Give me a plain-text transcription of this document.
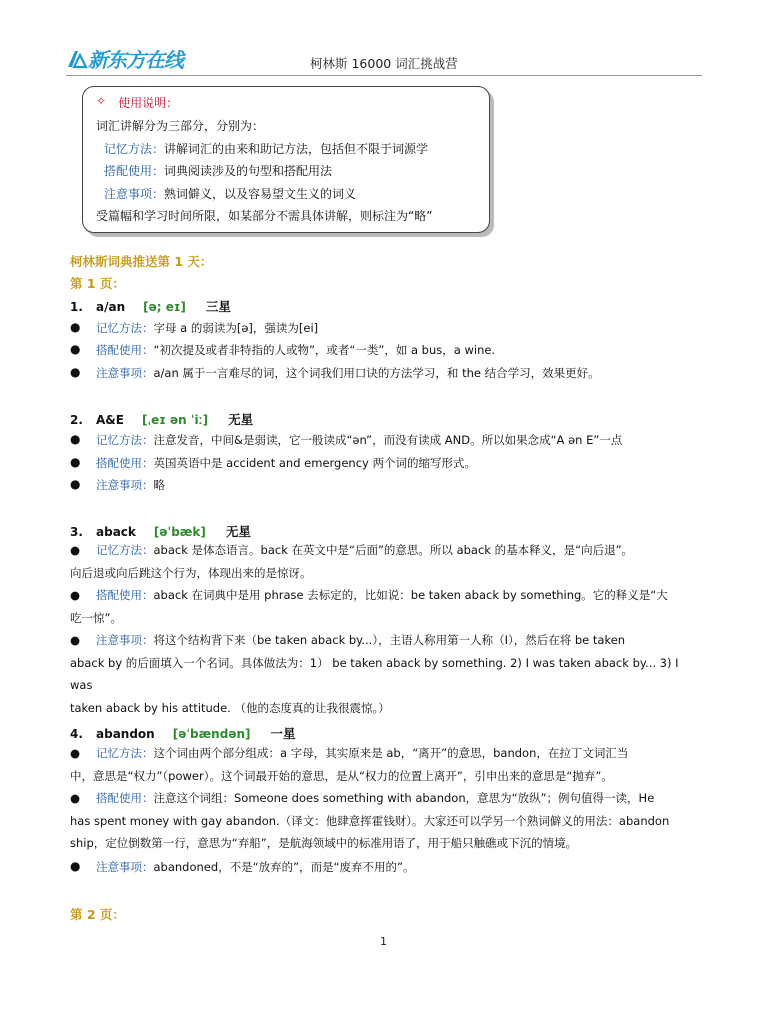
新东方在线	柯林斯 16000 词汇挑战营
✧ 使用说明：
词汇讲解分为三部分，分别为：
记忆方法：讲解词汇的由来和助记方法，包括但不限于词源学
搭配使用：词典阅读涉及的句型和搭配用法
注意事项：熟词僻义，以及容易望文生义的词义
受篇幅和学习时间所限，如某部分不需具体讲解，则标注为“略”
柯林斯词典推送第 1 天：
第 1 页：
1.	a/an [ə; eɪ] 三星
●	记忆方法： 字母 a 的弱读为[ə]，强读为[ei]
●	搭配使用： “初次提及或者非特指的人或物”，或者“一类”，如 a bus，a wine.
●	注意事项： a/an 属于一言难尽的词，这个词我们用口诀的方法学习，和 the 结合学习，效果更好。
2.	A&E [ˌeɪ ən ˈiː] 无星
●	记忆方法： 注意发音，中间&是弱读，它一般读成“ən”，而没有读成 AND。所以如果念成“A ən E”一点
●	搭配使用： 英国英语中是 accident and emergency 两个词的缩写形式。
●	注意事项： 略
3.	aback [əˈbæk] 无星
● 记忆方法：aback 是体态语言。back 在英文中是“后面”的意思。所以 aback 的基本释义，是“向后退”。
向后退或向后跳这个行为，体现出来的是惊讶。
● 搭配使用：aback 在词典中是用 phrase 去标定的，比如说：be taken aback by something。它的释义是“大
吃一惊”。
● 注意事项：将这个结构背下来（be taken aback by...），主语人称用第一人称（I），然后在将 be taken
aback by 的后面填入一个名词。具体做法为：1） be taken aback by something. 2) I was taken aback by... 3) I was
taken aback by his attitude. （他的态度真的让我很震惊。）
4.	abandon [əˈbændən] 一星
● 记忆方法：这个词由两个部分组成：a 字母，其实原来是 ab，“离开”的意思，bandon，在拉丁文词汇当
中，意思是“权力”（power）。这个词最开始的意思，是从“权力的位置上离开”，引申出来的意思是“抛弃”。
● 搭配使用：注意这个词组：Someone does something with abandon，意思为“放纵”；例句值得一读，He
has spent money with gay abandon.（译文：他肆意挥霍钱财）。大家还可以学另一个熟词僻义的用法：abandon
ship，定位倒数第一行，意思为“弃船”，是航海领域中的标准用语了，用于船只触礁或下沉的情境。
●	注意事项： abandoned，不是“放弃的”，而是“废弃不用的”。
第 2 页：
1
